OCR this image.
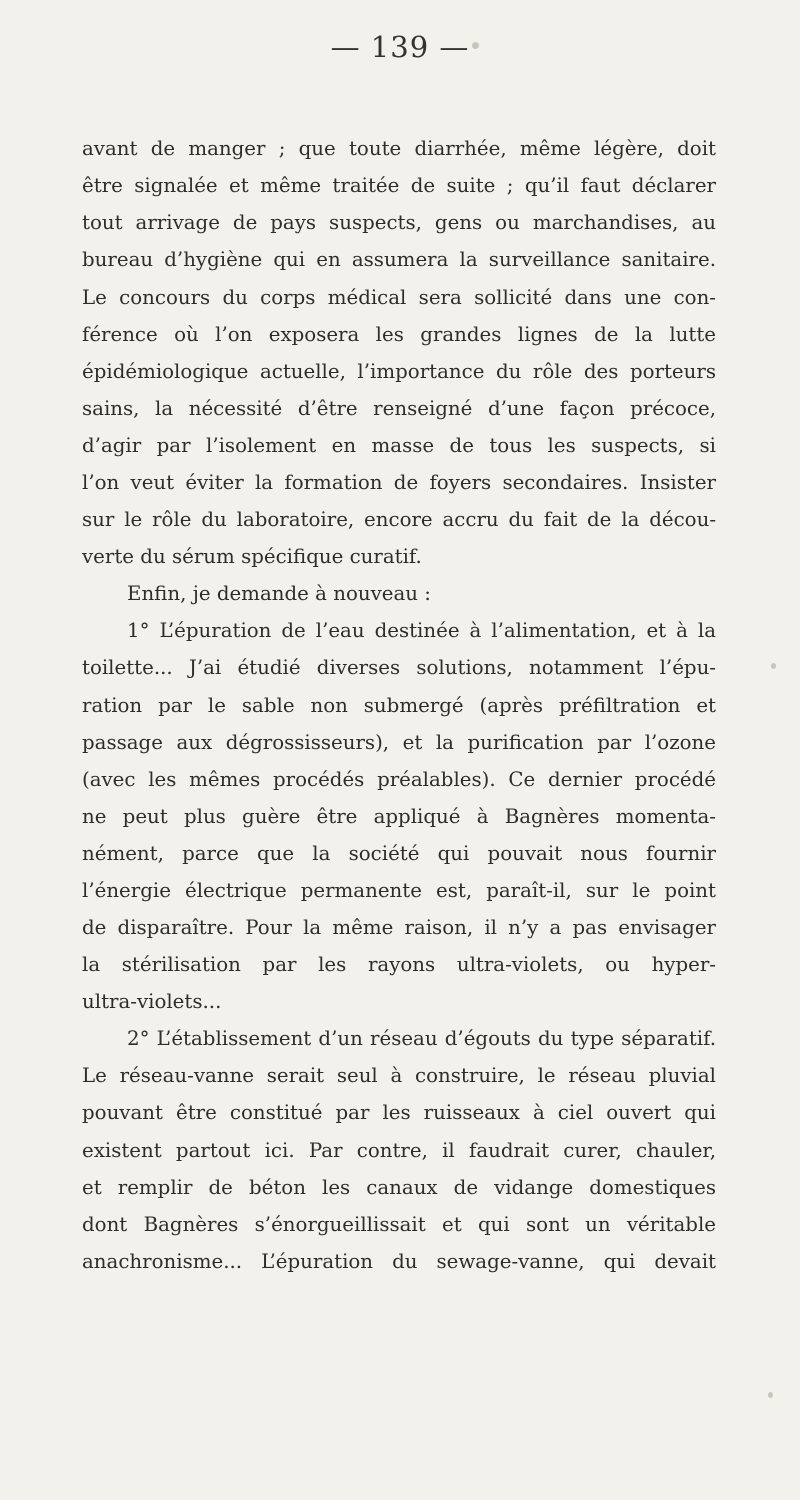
— 139 —
avant de manger ; que toute diarrhée, même légère, doit
être signalée et même traitée de suite ; qu’il faut déclarer
tout arrivage de pays suspects, gens ou marchandises, au
bureau d’hygiène qui en assumera la surveillance sanitaire.
Le concours du corps médical sera sollicité dans une con-
férence où l’on exposera les grandes lignes de la lutte
épidémiologique actuelle, l’importance du rôle des porteurs
sains, la nécessité d’être renseigné d’une façon précoce,
d’agir par l’isolement en masse de tous les suspects, si
l’on veut éviter la formation de foyers secondaires. Insister
sur le rôle du laboratoire, encore accru du fait de la décou-
verte du sérum spécifique curatif.
Enfin, je demande à nouveau :
1° L’épuration de l’eau destinée à l’alimentation, et à la
toilette... J’ai étudié diverses solutions, notamment l’épu-
ration par le sable non submergé (après préfiltration et
passage aux dégrossisseurs), et la purification par l’ozone
(avec les mêmes procédés préalables). Ce dernier procédé
ne peut plus guère être appliqué à Bagnères momenta-
nément, parce que la société qui pouvait nous fournir
l’énergie électrique permanente est, paraît-il, sur le point
de disparaître. Pour la même raison, il n’y a pas envisager
la stérilisation par les rayons ultra-violets, ou hyper-
ultra-violets...
2° L’établissement d’un réseau d’égouts du type séparatif.
Le réseau-vanne serait seul à construire, le réseau pluvial
pouvant être constitué par les ruisseaux à ciel ouvert qui
existent partout ici. Par contre, il faudrait curer, chauler,
et remplir de béton les canaux de vidange domestiques
dont Bagnères s’énorgueillissait et qui sont un véritable
anachronisme... L’épuration du sewage-vanne, qui devait
